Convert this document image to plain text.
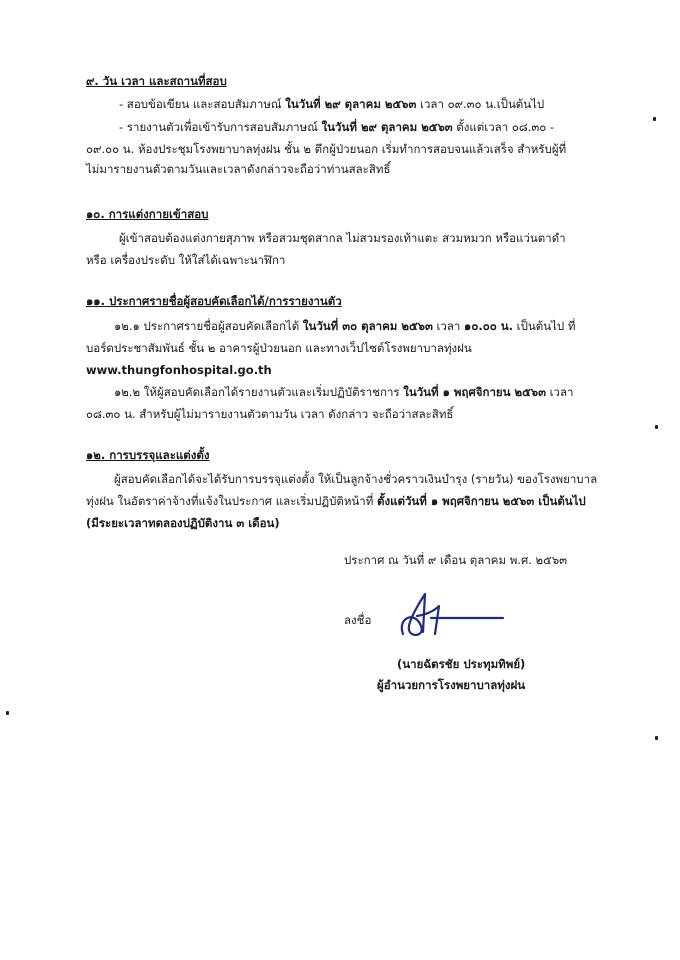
๙. วัน เวลา และสถานที่สอบ
- สอบข้อเขียน และสอบสัมภาษณ์ ในวันที่ ๒๙ ตุลาคม ๒๕๖๓ เวลา ๐๙.๓๐ น.เป็นต้นไป
- รายงานตัวเพื่อเข้ารับการสอบสัมภาษณ์ ในวันที่ ๒๙ ตุลาคม ๒๕๖๓ ตั้งแต่เวลา ๐๘.๓๐ -
๐๙.๐๐ น. ห้องประชุมโรงพยาบาลทุ่งฝน ชั้น ๒ ตึกผู้ป่วยนอก เริ่มทำการสอบจนแล้วเสร็จ สำหรับผู้ที่
ไม่มารายงานตัวตามวันและเวลาดังกล่าวจะถือว่าท่านสละสิทธิ์
๑๐. การแต่งกายเข้าสอบ
ผู้เข้าสอบต้องแต่งกายสุภาพ หรือสวมชุดสากล ไม่สวมรองเท้าแตะ สวมหมวก หรือแว่นตาดำ
หรือ เครื่องประดับ ให้ใส่ได้เฉพาะนาฬิกา
๑๑. ประกาศรายชื่อผู้สอบคัดเลือกได้/การรายงานตัว
๑๒.๑ ประกาศรายชื่อผู้สอบคัดเลือกได้ ในวันที่ ๓๐ ตุลาคม ๒๕๖๓ เวลา ๑๐.๐๐ น. เป็นต้นไป ที่
บอร์ดประชาสัมพันธ์ ชั้น ๒ อาคารผู้ป่วยนอก และทางเว็ปไซต์โรงพยาบาลทุ่งฝน
www.thungfonhospital.go.th
๑๒.๒ ให้ผู้สอบคัดเลือกได้รายงานตัวและเริ่มปฏิบัติราชการ ในวันที่ ๑ พฤศจิกายน ๒๕๖๓ เวลา
๐๘.๓๐ น. สำหรับผู้ไม่มารายงานตัวตามวัน เวลา ดังกล่าว จะถือว่าสละสิทธิ์
๑๒. การบรรจุและแต่งตั้ง
ผู้สอบคัดเลือกได้จะได้รับการบรรจุแต่งตั้ง ให้เป็นลูกจ้างชั่วคราวเงินบำรุง (รายวัน) ของโรงพยาบาล
ทุ่งฝน ในอัตราค่าจ้างที่แจ้งในประกาศ และเริ่มปฏิบัติหน้าที่ ตั้งแต่วันที่ ๑ พฤศจิกายน ๒๕๖๓ เป็นต้นไป
(มีระยะเวลาทดลองปฏิบัติงาน ๓ เดือน)
ประกาศ ณ วันที่ ๙ เดือน ตุลาคม พ.ศ. ๒๕๖๓
ลงชื่อ
(นายฉัตรชัย ประทุมทิพย์)
ผู้อำนวยการโรงพยาบาลทุ่งฝน
